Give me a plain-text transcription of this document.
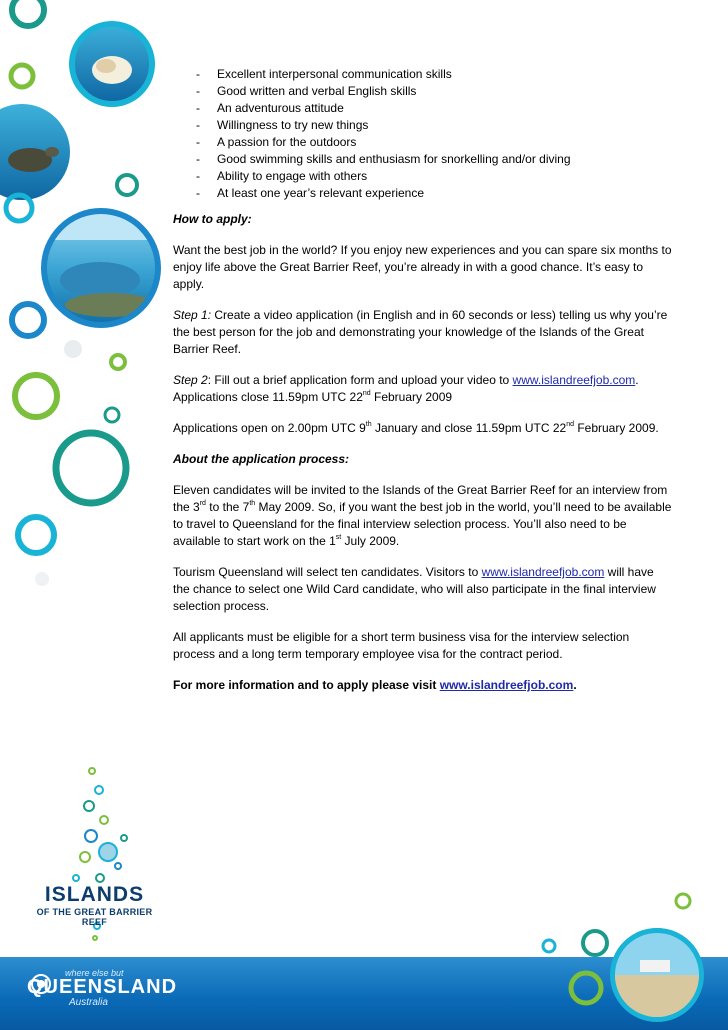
ISLANDS
OF THE GREAT BARRIER REEF
- Excellent interpersonal communication skills
- Good written and verbal English skills
- An adventurous attitude
- Willingness to try new things
- A passion for the outdoors
- Good swimming skills and enthusiasm for snorkelling and/or diving
- Ability to engage with others
- At least one year’s relevant experience

How to apply:

Want the best job in the world? If you enjoy new experiences and you can spare six months to enjoy life above the Great Barrier Reef, you’re already in with a good chance. It’s easy to apply.

Step 1: Create a video application (in English and in 60 seconds or less) telling us why you’re the best person for the job and demonstrating your knowledge of the Islands of the Great Barrier Reef.

Step 2: Fill out a brief application form and upload your video to www.islandreefjob.com. Applications close 11.59pm UTC 22nd February 2009

Applications open on 2.00pm UTC 9th January and close 11.59pm UTC 22nd February 2009.

About the application process:

Eleven candidates will be invited to the Islands of the Great Barrier Reef for an interview from the 3rd to the 7th May 2009. So, if you want the best job in the world, you’ll need to be available to travel to Queensland for the final interview selection process. You’ll also need to be available to start work on the 1st July 2009.

Tourism Queensland will select ten candidates. Visitors to www.islandreefjob.com will have the chance to select one Wild Card candidate, who will also participate in the final interview selection process.

All applicants must be eligible for a short term business visa for the interview selection process and a long term temporary employee visa for the contract period.

For more information and to apply please visit www.islandreefjob.com.

where else but
QUEENSLAND
Australia
